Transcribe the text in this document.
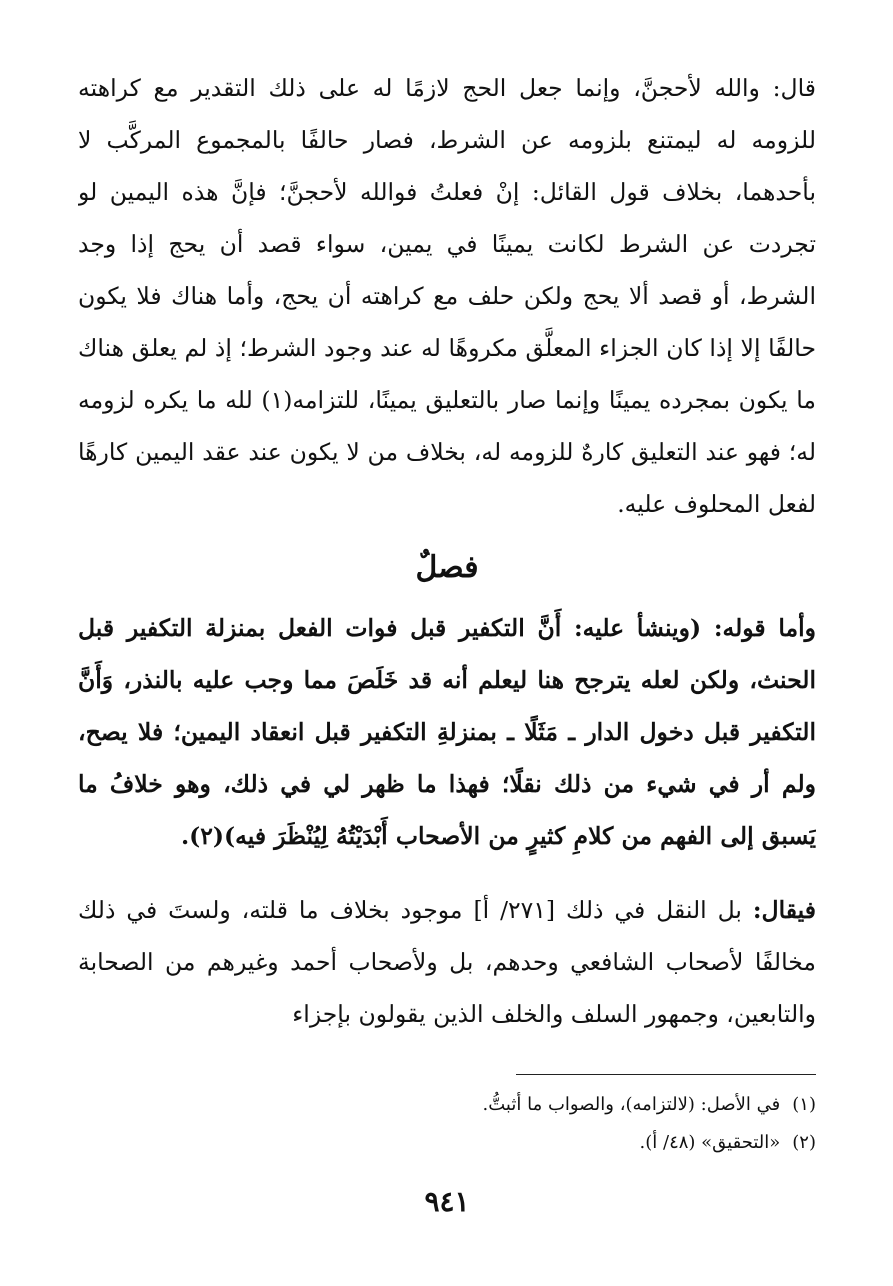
قال: والله لأحجنَّ، وإنما جعل الحج لازمًا له على ذلك التقدير مع كراهته للزومه له ليمتنع بلزومه عن الشرط، فصار حالفًا بالمجموع المركَّب لا بأحدهما، بخلاف قول القائل: إنْ فعلتُ فوالله لأحجنَّ؛ فإنَّ هذه اليمين لو تجردت عن الشرط لكانت يمينًا في يمين، سواء قصد أن يحج إذا وجد الشرط، أو قصد ألا يحج ولكن حلف مع كراهته أن يحج، وأما هناك فلا يكون حالفًا إلا إذا كان الجزاء المعلَّق مكروهًا له عند وجود الشرط؛ إذ لم يعلق هناك ما يكون بمجرده يمينًا وإنما صار بالتعليق يمينًا، للتزامه(١) لله ما يكره لزومه له؛ فهو عند التعليق كارهٌ للزومه له، بخلاف من لا يكون عند عقد اليمين كارهًا لفعل المحلوف عليه.

فصلٌ

وأما قوله: (وينشأ عليه: أَنَّ التكفير قبل فوات الفعل بمنزلة التكفير قبل الحنث، ولكن لعله يترجح هنا ليعلم أنه قد خَلَصَ مما وجب عليه بالنذر، وَأَنَّ التكفير قبل دخول الدار ـ مَثَلًا ـ بمنزلةِ التكفير قبل انعقاد اليمين؛ فلا يصح، ولم أر في شيء من ذلك نقلًا؛ فهذا ما ظهر لي في ذلك، وهو خلافُ ما يَسبق إلى الفهم من كلامِ كثيرٍ من الأصحاب أَبْدَيْتُهُ لِيُنْظَرَ فيه)(٢).

فيقال: بل النقل في ذلك [٢٧١/ أ] موجود بخلاف ما قلته، ولستَ في ذلك مخالفًا لأصحاب الشافعي وحدهم، بل ولأصحاب أحمد وغيرهم من الصحابة والتابعين، وجمهور السلف والخلف الذين يقولون بإجزاء

(١)في الأصل: (لالتزامه)، والصواب ما أثبتُّ.
(٢)«التحقيق» (٤٨/ أ).
٩٤١
